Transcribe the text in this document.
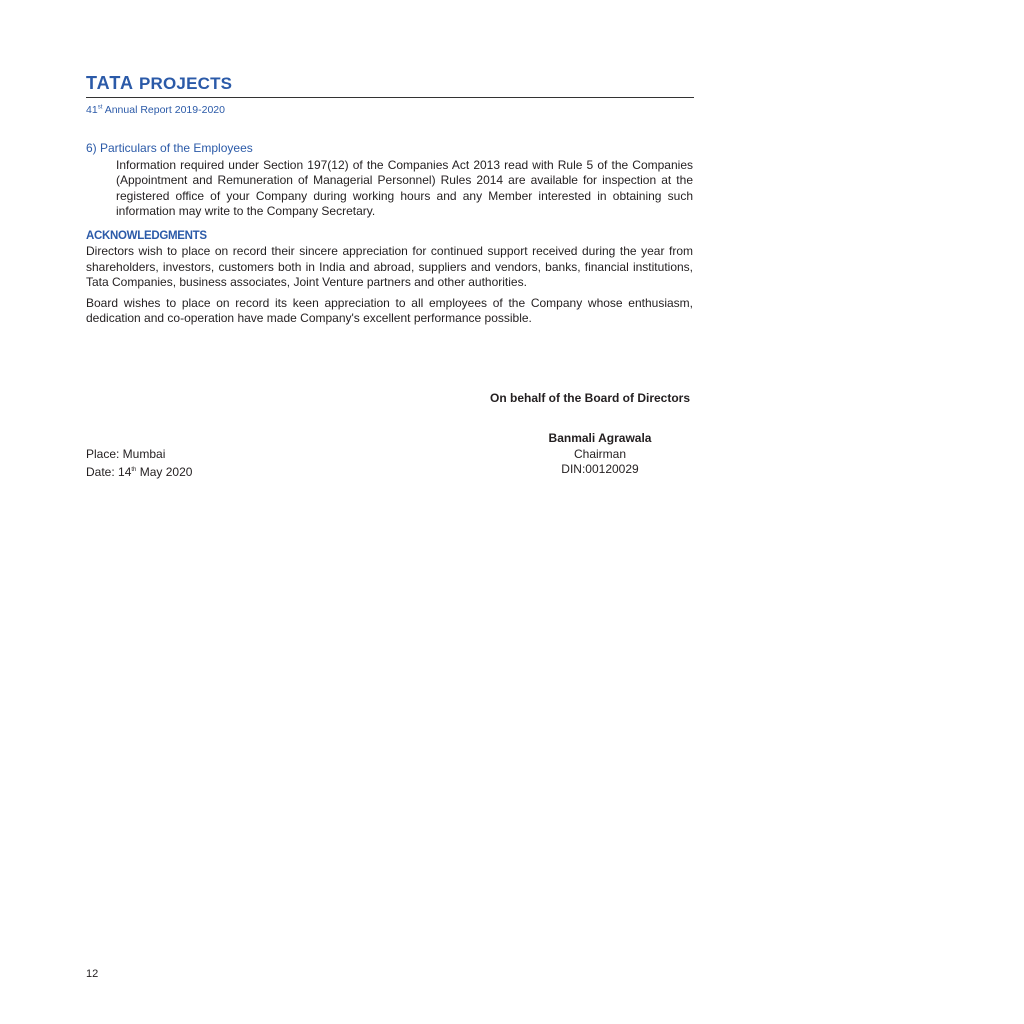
TATA PROJECTS
41st Annual Report 2019-2020

6) Particulars of the Employees

Information required under Section 197(12) of the Companies Act 2013 read with Rule 5 of the Companies (Appointment and Remuneration of Managerial Personnel) Rules 2014 are available for inspection at the registered office of your Company during working hours and any Member interested in obtaining such information may write to the Company Secretary.

ACKNOWLEDGMENTS

Directors wish to place on record their sincere appreciation for continued support received during the year from shareholders, investors, customers both in India and abroad, suppliers and vendors, banks, financial institutions, Tata Companies, business associates, Joint Venture partners and other authorities.

Board wishes to place on record its keen appreciation to all employees of the Company whose enthusiasm, dedication and co-operation have made Company's excellent performance possible.

On behalf of the Board of Directors
Banmali Agrawala
Chairman
DIN:00120029
Place: Mumbai
Date: 14th May 2020
12
